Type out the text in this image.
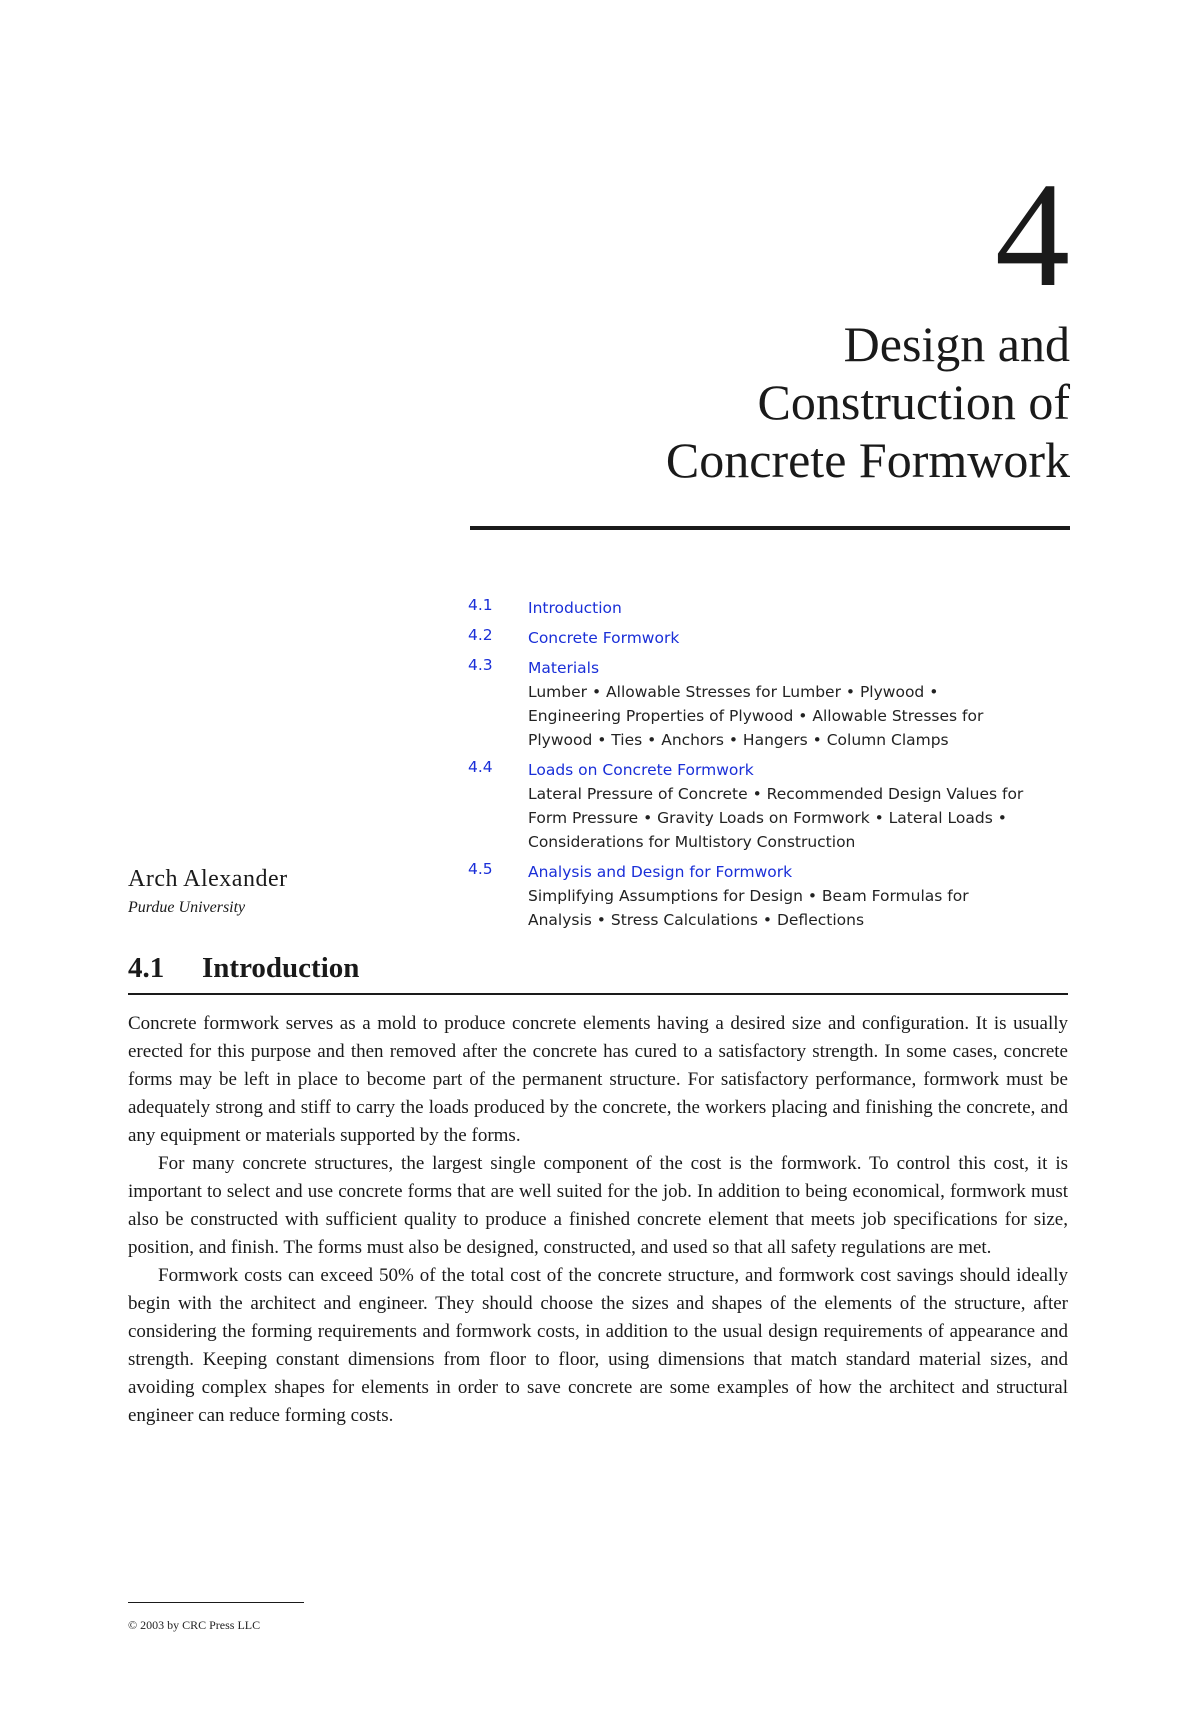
4
Design and
Construction of
Concrete Formwork
4.1	Introduction
4.2	Concrete Formwork
4.3	Materials
Lumber • Allowable Stresses for Lumber • Plywood •
Engineering Properties of Plywood • Allowable Stresses for
Plywood • Ties • Anchors • Hangers • Column Clamps
4.4	Loads on Concrete Formwork
Lateral Pressure of Concrete • Recommended Design Values for
Form Pressure • Gravity Loads on Formwork • Lateral Loads •
Considerations for Multistory Construction
4.5	Analysis and Design for Formwork
Simplifying Assumptions for Design • Beam Formulas for
Analysis • Stress Calculations • Deflections
Arch Alexander
Purdue University
4.1 Introduction

Concrete formwork serves as a mold to produce concrete elements having a desired size and configuration. It is usually erected for this purpose and then removed after the concrete has cured to a satisfactory strength. In some cases, concrete forms may be left in place to become part of the permanent structure. For satisfactory performance, formwork must be adequately strong and stiff to carry the loads produced by the concrete, the workers placing and finishing the concrete, and any equipment or materials supported by the forms.

For many concrete structures, the largest single component of the cost is the formwork. To control this cost, it is important to select and use concrete forms that are well suited for the job. In addition to being economical, formwork must also be constructed with sufficient quality to produce a finished concrete element that meets job specifications for size, position, and finish. The forms must also be designed, constructed, and used so that all safety regulations are met.

Formwork costs can exceed 50% of the total cost of the concrete structure, and formwork cost savings should ideally begin with the architect and engineer. They should choose the sizes and shapes of the elements of the structure, after considering the forming requirements and formwork costs, in addition to the usual design requirements of appearance and strength. Keeping constant dimensions from floor to floor, using dimensions that match standard material sizes, and avoiding complex shapes for elements in order to save concrete are some examples of how the architect and structural engineer can reduce forming costs.

© 2003 by CRC Press LLC
